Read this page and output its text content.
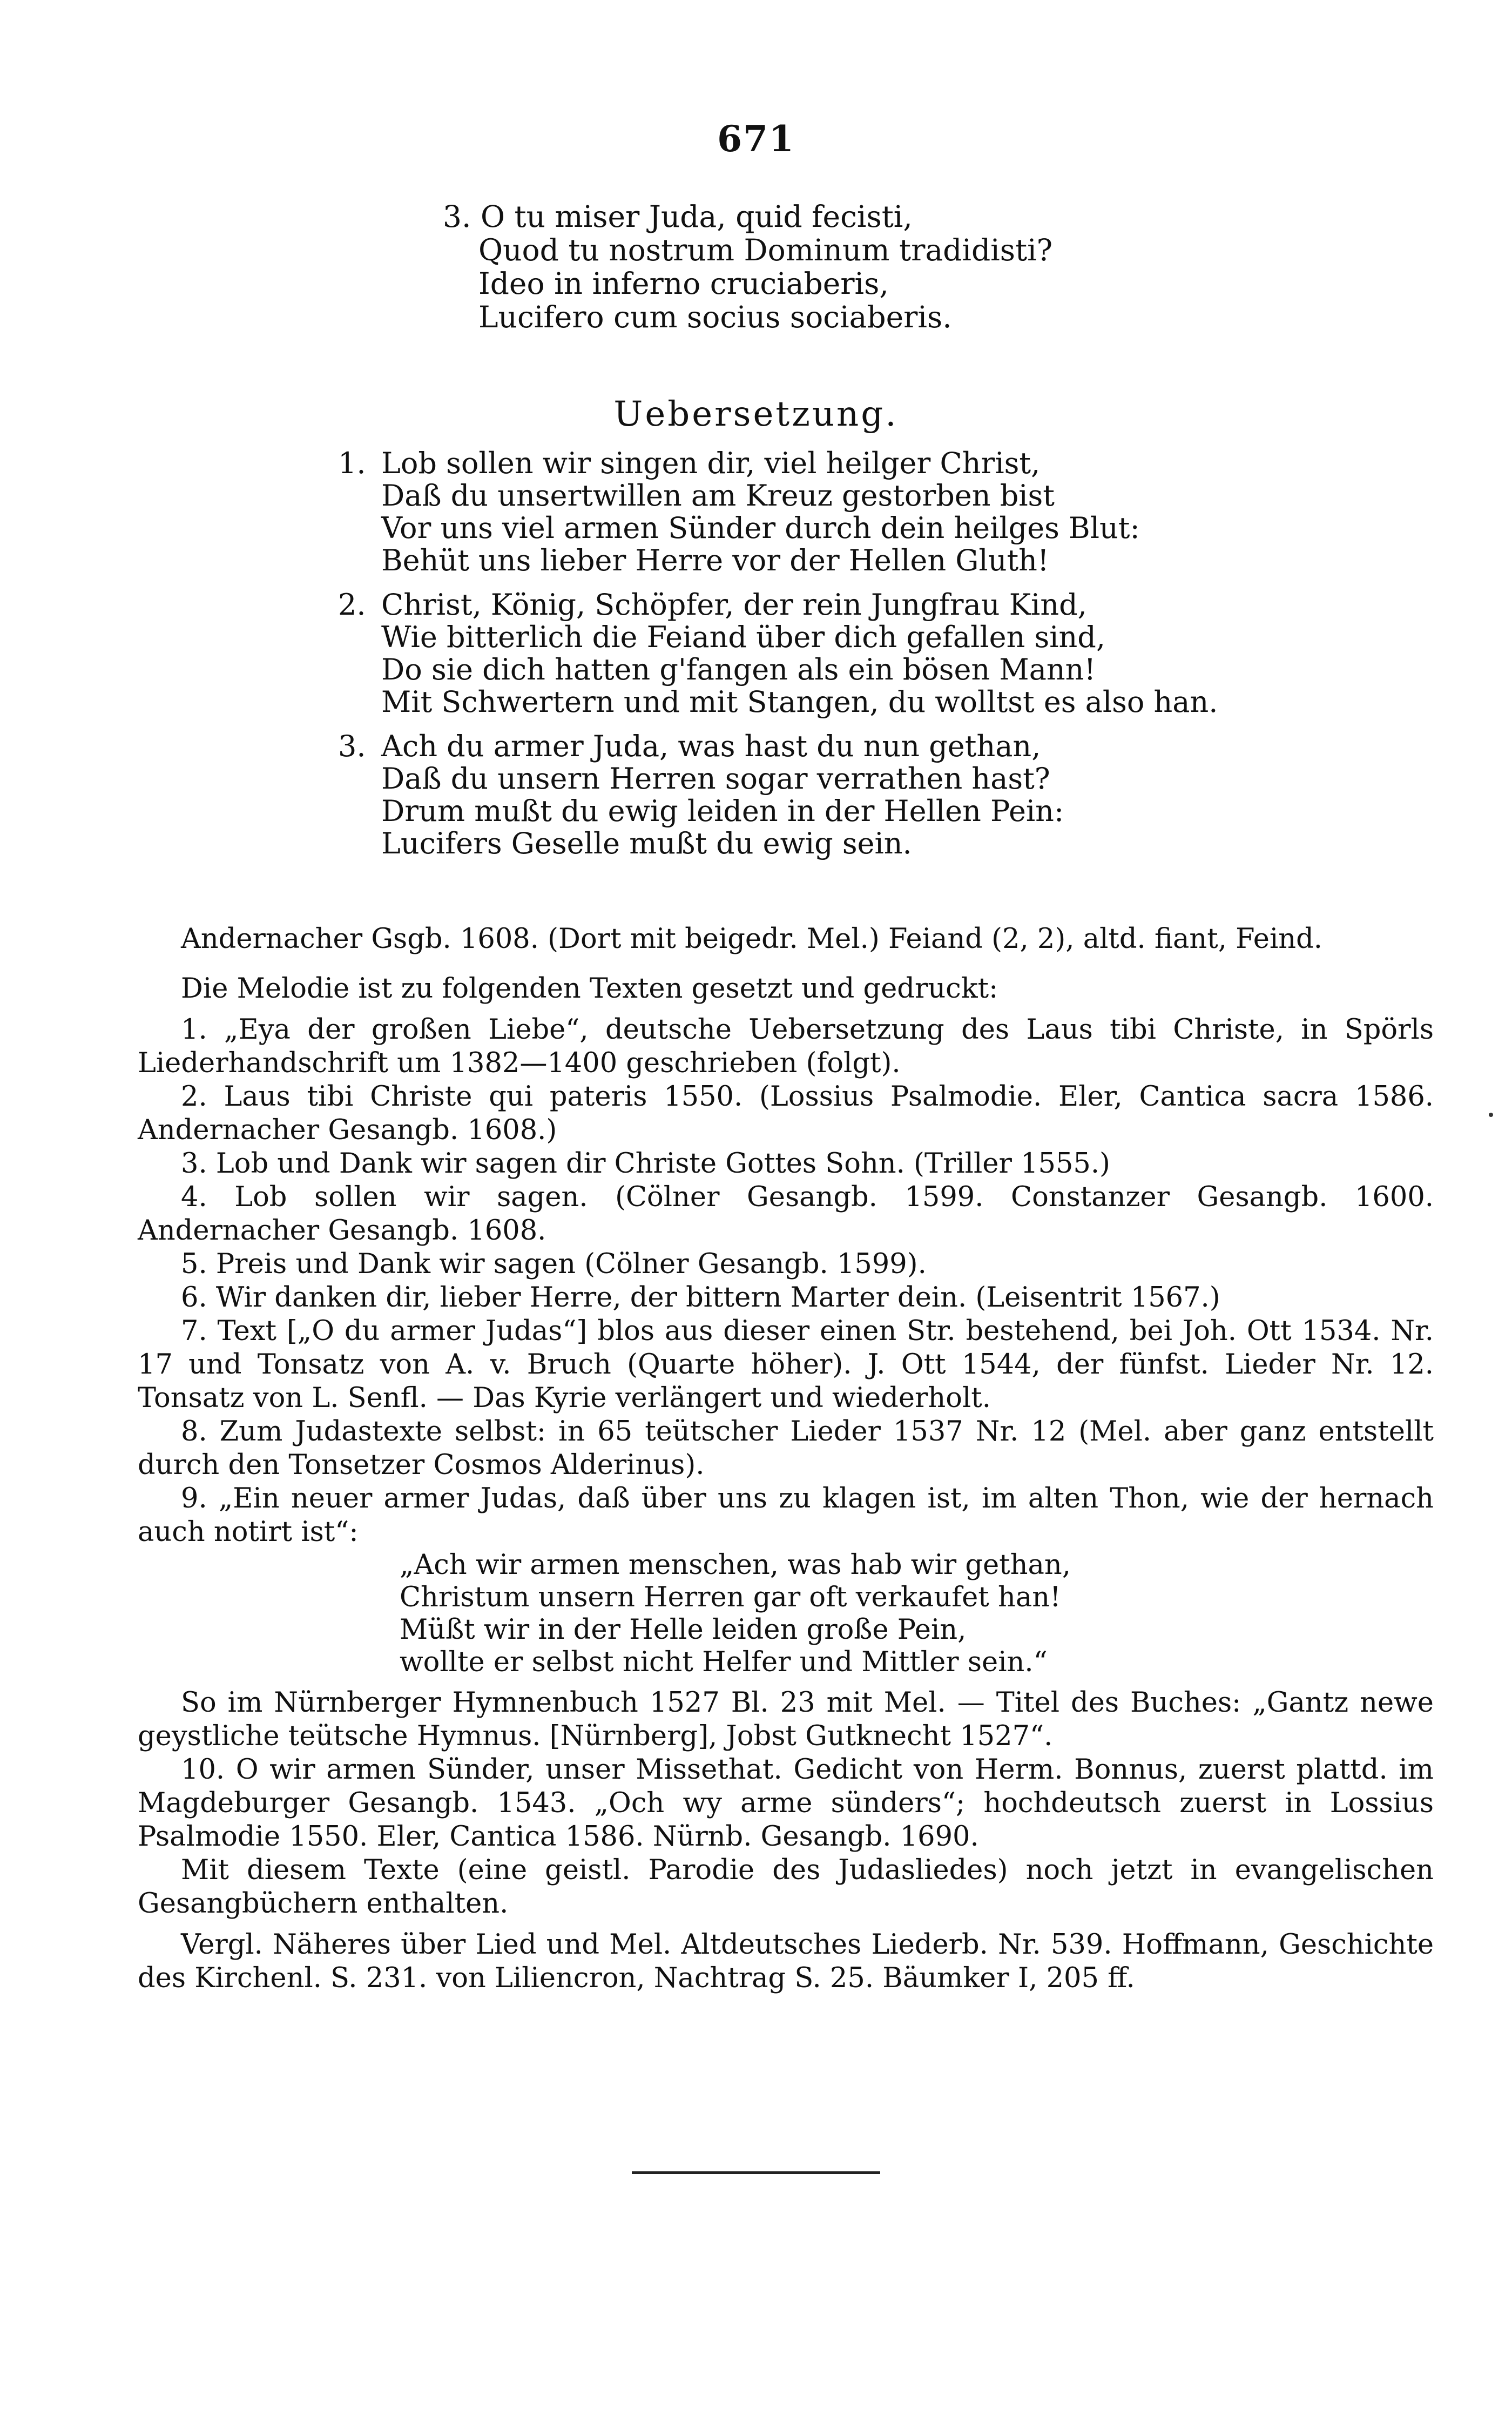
671
3. O tu miser Juda, quid fecisti,
Quod tu nostrum Dominum tradidisti?
Ideo in inferno cruciaberis,
Lucifero cum socius sociaberis.
Uebersetzung.
1. Lob sollen wir singen dir, viel heilger Christ,
Daß du unsertwillen am Kreuz gestorben bist
Vor uns viel armen Sünder durch dein heilges Blut:
Behüt uns lieber Herre vor der Hellen Gluth!
2. Christ, König, Schöpfer, der rein Jungfrau Kind,
Wie bitterlich die Feiand über dich gefallen sind,
Do sie dich hatten g'fangen als ein bösen Mann!
Mit Schwertern und mit Stangen, du wolltst es also han.
3. Ach du armer Juda, was hast du nun gethan,
Daß du unsern Herren sogar verrathen hast?
Drum mußt du ewig leiden in der Hellen Pein:
Lucifers Geselle mußt du ewig sein.
Andernacher Gsgb. 1608. (Dort mit beigedr. Mel.) Feiand (2, 2), altd. fiant, Feind.
Die Melodie ist zu folgenden Texten gesetzt und gedruckt:
1. „Eya der großen Liebe“, deutsche Uebersetzung des Laus tibi Christe, in Spörls Liederhandschrift um 1382—1400 geschrieben (folgt).
2. Laus tibi Christe qui pateris 1550. (Lossius Psalmodie. Eler, Cantica sacra 1586. Andernacher Gesangb. 1608.)
3. Lob und Dank wir sagen dir Christe Gottes Sohn. (Triller 1555.)
4. Lob sollen wir sagen. (Cölner Gesangb. 1599. Constanzer Gesangb. 1600. Andernacher Gesangb. 1608.
5. Preis und Dank wir sagen (Cölner Gesangb. 1599).
6. Wir danken dir, lieber Herre, der bittern Marter dein. (Leisentrit 1567.)
7. Text [„O du armer Judas“] blos aus dieser einen Str. bestehend, bei Joh. Ott 1534. Nr. 17 und Tonsatz von A. v. Bruch (Quarte höher). J. Ott 1544, der fünfst. Lieder Nr. 12. Tonsatz von L. Senfl. — Das Kyrie verlängert und wiederholt.
8. Zum Judastexte selbst: in 65 teütscher Lieder 1537 Nr. 12 (Mel. aber ganz entstellt durch den Tonsetzer Cosmos Alderinus).
9. „Ein neuer armer Judas, daß über uns zu klagen ist, im alten Thon, wie der hernach auch notirt ist“:
„Ach wir armen menschen, was hab wir gethan,
Christum unsern Herren gar oft verkaufet han!
Müßt wir in der Helle leiden große Pein,
wollte er selbst nicht Helfer und Mittler sein.“
So im Nürnberger Hymnenbuch 1527 Bl. 23 mit Mel. — Titel des Buches: „Gantz newe geystliche teütsche Hymnus. [Nürnberg], Jobst Gutknecht 1527“.
10. O wir armen Sünder, unser Missethat. Gedicht von Herm. Bonnus, zuerst plattd. im Magdeburger Gesangb. 1543. „Och wy arme sünders“; hochdeutsch zuerst in Lossius Psalmodie 1550. Eler, Cantica 1586. Nürnb. Gesangb. 1690.
Mit diesem Texte (eine geistl. Parodie des Judasliedes) noch jetzt in evangelischen Gesangbüchern enthalten.
Vergl. Näheres über Lied und Mel. Altdeutsches Liederb. Nr. 539. Hoffmann, Geschichte des Kirchenl. S. 231. von Liliencron, Nachtrag S. 25. Bäumker I, 205 ff.
